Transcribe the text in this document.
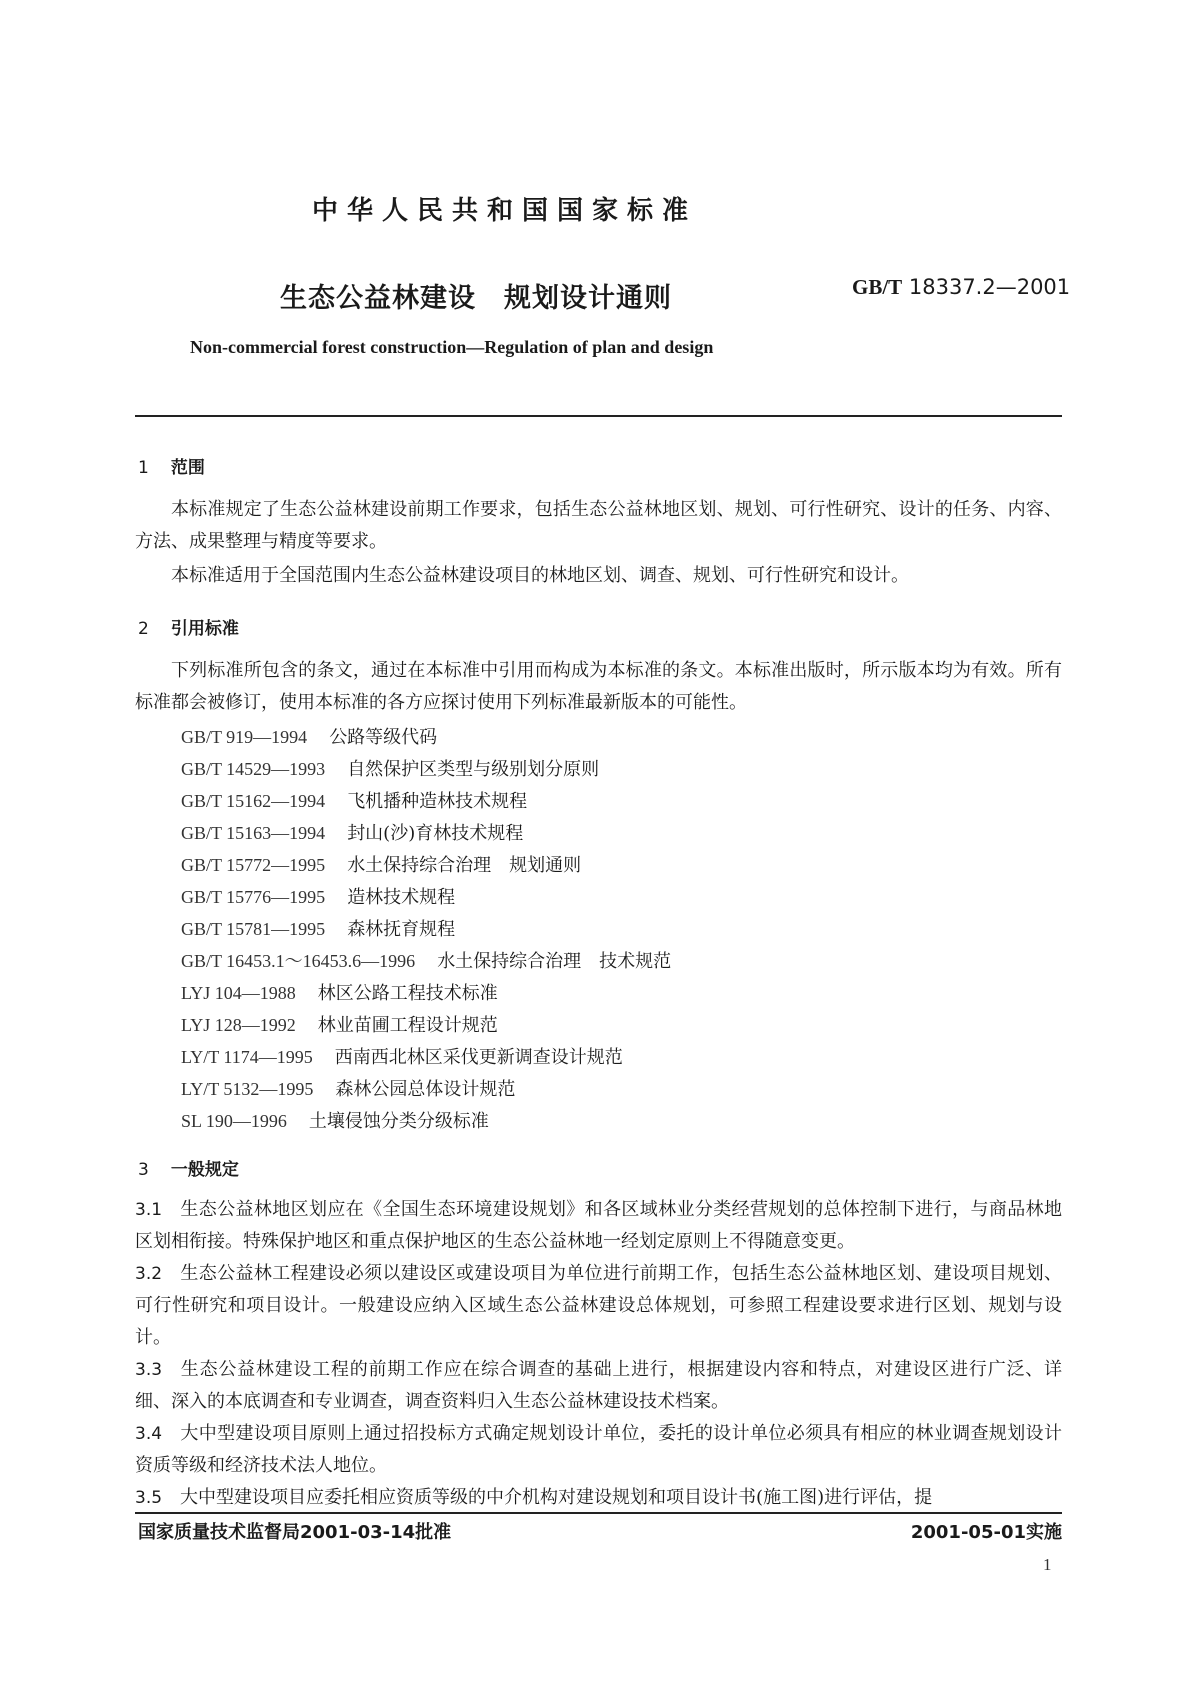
中华人民共和国国家标准
生态公益林建设　规划设计通则	GB/T 18337.2—2001
Non-commercial forest construction—Regulation of plan and design
1 范围

本标准规定了生态公益林建设前期工作要求，包括生态公益林地区划、规划、可行性研究、设计的任务、内容、方法、成果整理与精度等要求。

本标准适用于全国范围内生态公益林建设项目的林地区划、调查、规划、可行性研究和设计。

2 引用标准

下列标准所包含的条文，通过在本标准中引用而构成为本标准的条文。本标准出版时，所示版本均为有效。所有标准都会被修订，使用本标准的各方应探讨使用下列标准最新版本的可能性。

GB/T 919—1994 公路等级代码
GB/T 14529—1993 自然保护区类型与级别划分原则
GB/T 15162—1994 飞机播种造林技术规程
GB/T 15163—1994 封山(沙)育林技术规程
GB/T 15772—1995 水土保持综合治理　规划通则
GB/T 15776—1995 造林技术规程
GB/T 15781—1995 森林抚育规程
GB/T 16453.1～16453.6—1996 水土保持综合治理　技术规范
LYJ 104—1988 林区公路工程技术标准
LYJ 128—1992 林业苗圃工程设计规范
LY/T 1174—1995 西南西北林区采伐更新调查设计规范
LY/T 5132—1995 森林公园总体设计规范
SL 190—1996 土壤侵蚀分类分级标准
3 一般规定

3.1 生态公益林地区划应在《全国生态环境建设规划》和各区域林业分类经营规划的总体控制下进行，与商品林地区划相衔接。特殊保护地区和重点保护地区的生态公益林地一经划定原则上不得随意变更。

3.2 生态公益林工程建设必须以建设区或建设项目为单位进行前期工作，包括生态公益林地区划、建设项目规划、可行性研究和项目设计。一般建设应纳入区域生态公益林建设总体规划，可参照工程建设要求进行区划、规划与设计。

3.3 生态公益林建设工程的前期工作应在综合调查的基础上进行，根据建设内容和特点，对建设区进行广泛、详细、深入的本底调查和专业调查，调查资料归入生态公益林建设技术档案。

3.4 大中型建设项目原则上通过招投标方式确定规划设计单位，委托的设计单位必须具有相应的林业调查规划设计资质等级和经济技术法人地位。

3.5 大中型建设项目应委托相应资质等级的中介机构对建设规划和项目设计书(施工图)进行评估，提

国家质量技术监督局2001-03-14批准	2001-05-01实施
1
